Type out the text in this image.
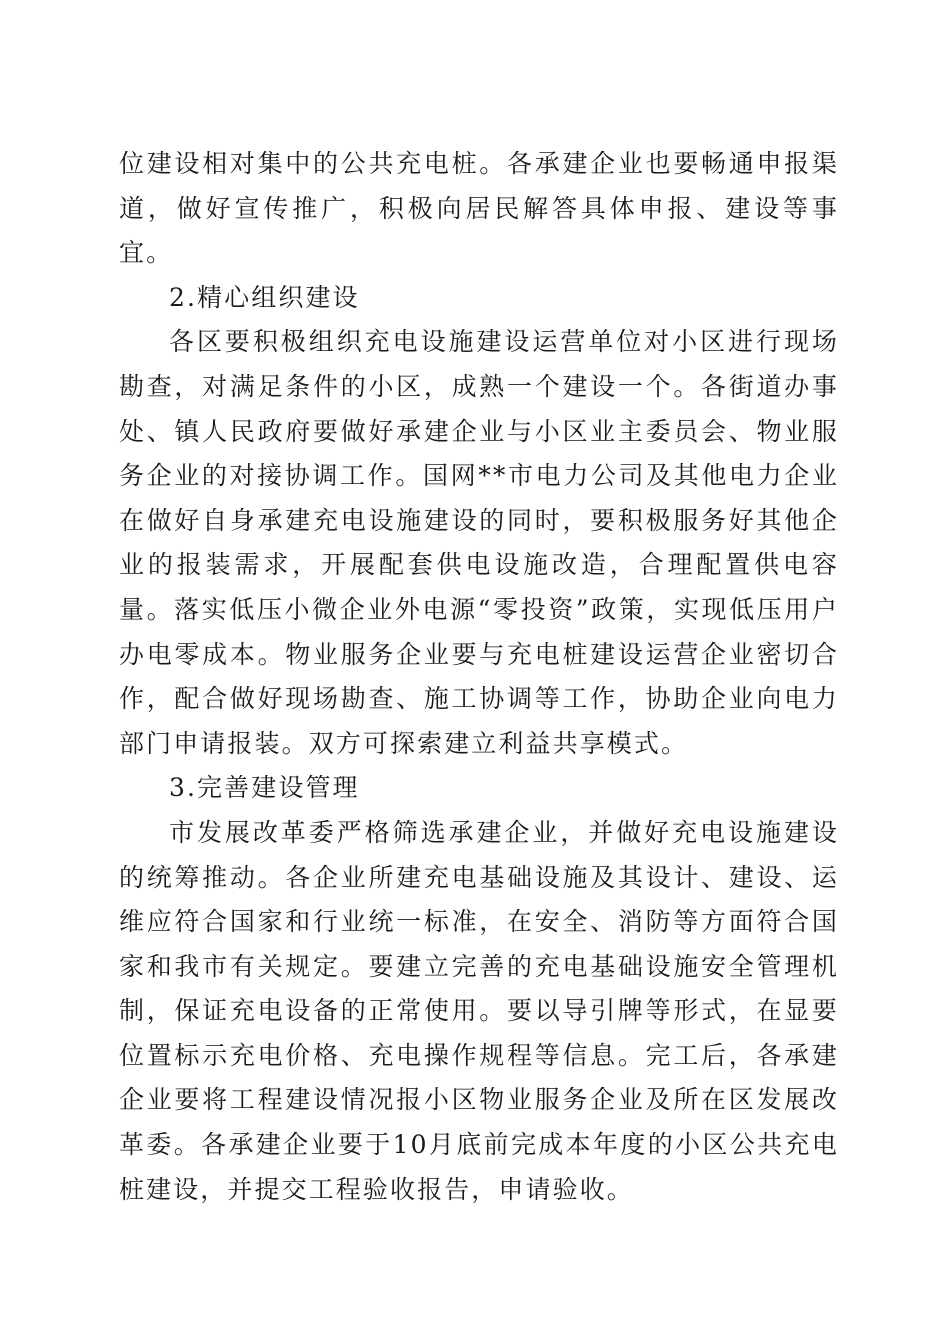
位建设相对集中的公共充电桩。各承建企业也要畅通申报渠道，做好宣传推广，积极向居民解答具体申报、建设等事宜。

2.精心组织建设

各区要积极组织充电设施建设运营单位对小区进行现场勘查，对满足条件的小区，成熟一个建设一个。各街道办事处、镇人民政府要做好承建企业与小区业主委员会、物业服务企业的对接协调工作。国网**市电力公司及其他电力企业在做好自身承建充电设施建设的同时，要积极服务好其他企业的报装需求，开展配套供电设施改造，合理配置供电容量。落实低压小微企业外电源“零投资”政策，实现低压用户办电零成本。物业服务企业要与充电桩建设运营企业密切合作，配合做好现场勘查、施工协调等工作，协助企业向电力部门申请报装。双方可探索建立利益共享模式。

3.完善建设管理

市发展改革委严格筛选承建企业，并做好充电设施建设的统筹推动。各企业所建充电基础设施及其设计、建设、运维应符合国家和行业统一标准，在安全、消防等方面符合国家和我市有关规定。要建立完善的充电基础设施安全管理机制，保证充电设备的正常使用。要以导引牌等形式，在显要位置标示充电价格、充电操作规程等信息。完工后，各承建企业要将工程建设情况报小区物业服务企业及所在区发展改革委。各承建企业要于10月底前完成本年度的小区公共充电桩建设，并提交工程验收报告，申请验收。
